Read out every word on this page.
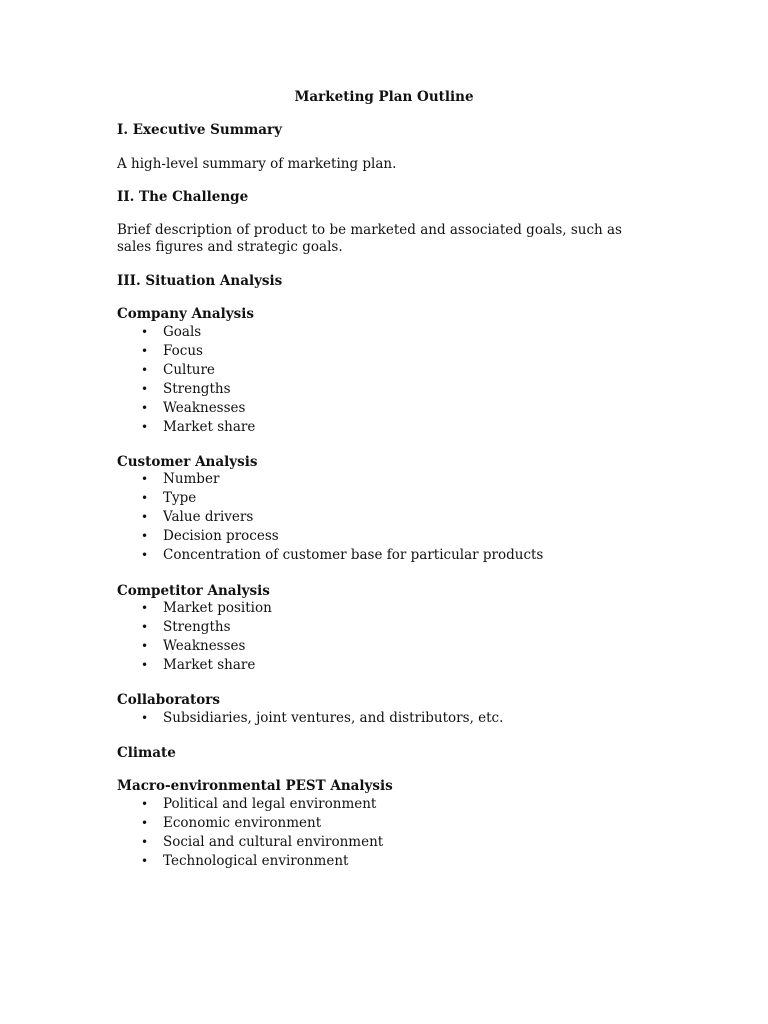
Marketing Plan Outline
I. Executive Summary
A high-level summary of marketing plan.
II. The Challenge
Brief description of product to be marketed and associated goals, such as sales figures and strategic goals.
III. Situation Analysis
Company Analysis
• Goals
• Focus
• Culture
• Strengths
• Weaknesses
• Market share
Customer Analysis
• Number
• Type
• Value drivers
• Decision process
• Concentration of customer base for particular products
Competitor Analysis
• Market position
• Strengths
• Weaknesses
• Market share
Collaborators
• Subsidiaries, joint ventures, and distributors, etc.
Climate
Macro-environmental PEST Analysis
• Political and legal environment
• Economic environment
• Social and cultural environment
• Technological environment
